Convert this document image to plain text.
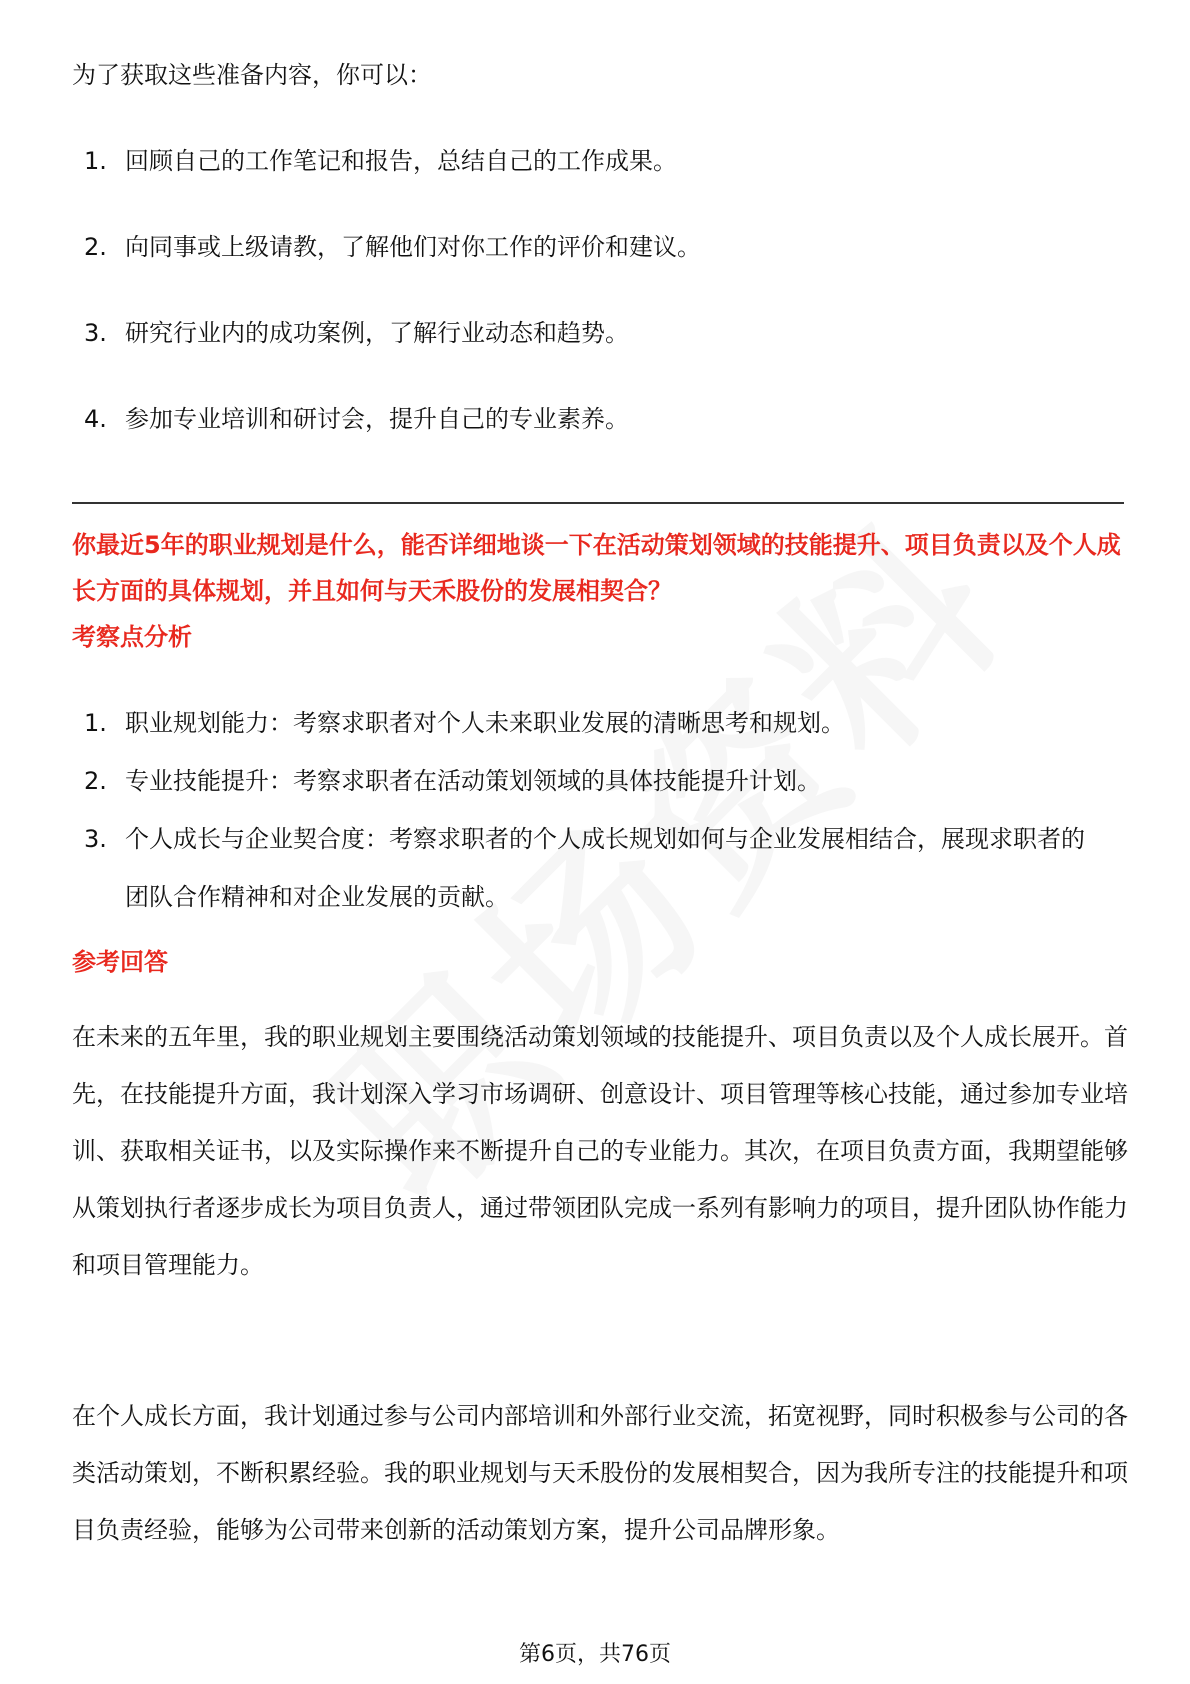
为了获取这些准备内容，你可以：

1. 回顾自己的工作笔记和报告，总结自己的工作成果。
2. 向同事或上级请教，了解他们对你工作的评价和建议。
3. 研究行业内的成功案例，了解行业动态和趋势。
4. 参加专业培训和研讨会，提升自己的专业素养。

你最近5年的职业规划是什么，能否详细地谈一下在活动策划领域的技能提升、项目负责以及个人成长方面的具体规划，并且如何与天禾股份的发展相契合？

考察点分析
1. 职业规划能力：考察求职者对个人未来职业发展的清晰思考和规划。
2. 专业技能提升：考察求职者在活动策划领域的具体技能提升计划。
3. 个人成长与企业契合度：考察求职者的个人成长规划如何与企业发展相结合，展现求职者的团队合作精神和对企业发展的贡献。
参考回答

在未来的五年里，我的职业规划主要围绕活动策划领域的技能提升、项目负责以及个人成长展开。首先，在技能提升方面，我计划深入学习市场调研、创意设计、项目管理等核心技能，通过参加专业培训、获取相关证书，以及实际操作来不断提升自己的专业能力。其次，在项目负责方面，我期望能够从策划执行者逐步成长为项目负责人，通过带领团队完成一系列有影响力的项目，提升团队协作能力和项目管理能力。

在个人成长方面，我计划通过参与公司内部培训和外部行业交流，拓宽视野，同时积极参与公司的各类活动策划，不断积累经验。我的职业规划与天禾股份的发展相契合，因为我所专注的技能提升和项目负责经验，能够为公司带来创新的活动策划方案，提升公司品牌形象。

第6页，共76页
